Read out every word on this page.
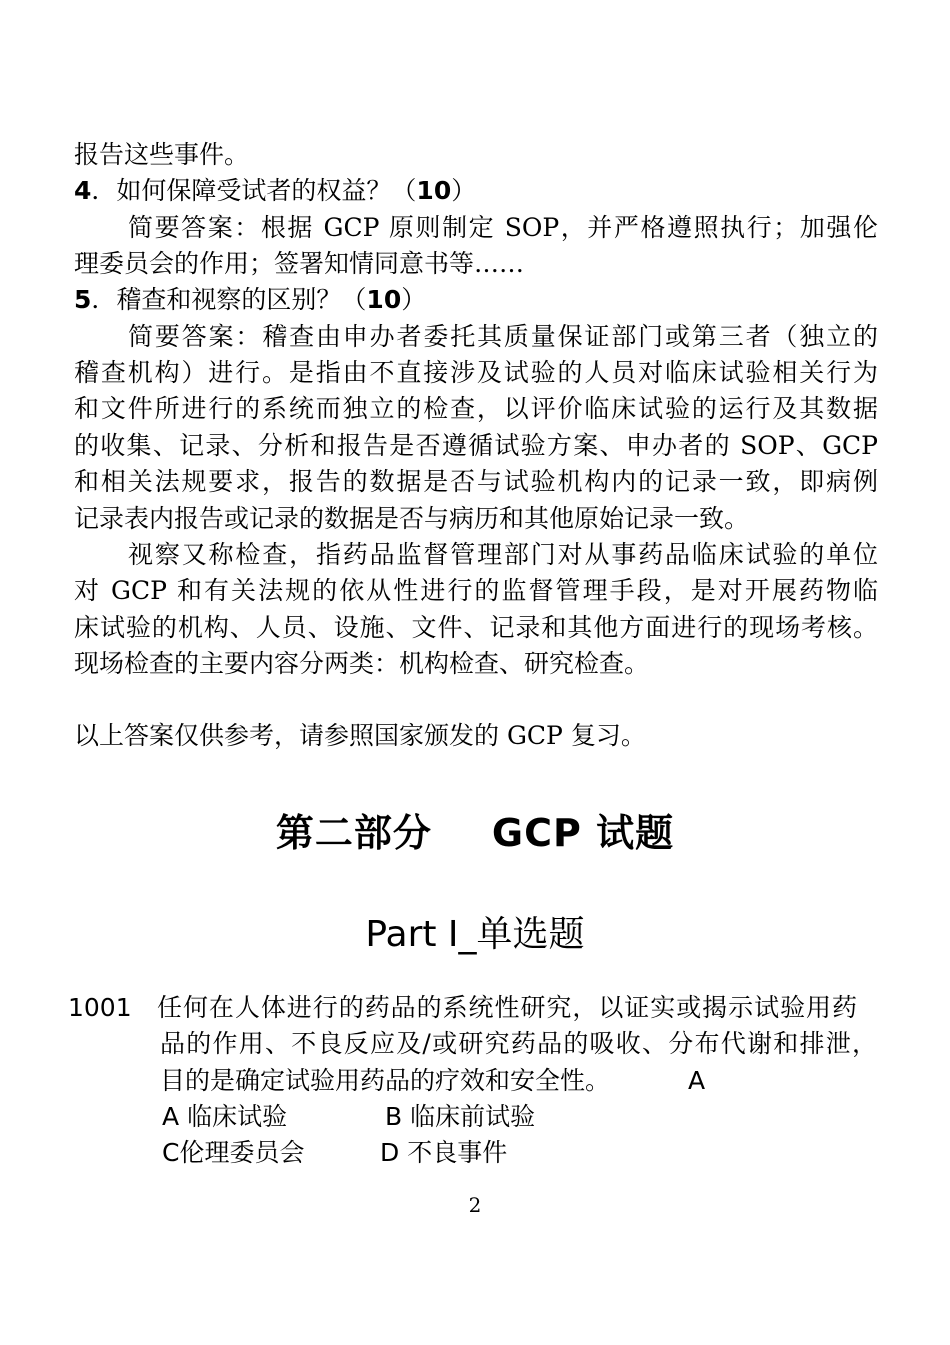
报告这些事件。
4．如何保障受试者的权益？（10）
简要答案：根据 GCP 原则制定 SOP，并严格遵照执行；加强伦
理委员会的作用；签署知情同意书等……
5．稽查和视察的区别？（10）
简要答案：稽查由申办者委托其质量保证部门或第三者（独立的
稽查机构）进行。是指由不直接涉及试验的人员对临床试验相关行为
和文件所进行的系统而独立的检查，以评价临床试验的运行及其数据
的收集、记录、分析和报告是否遵循试验方案、申办者的 SOP、GCP
和相关法规要求，报告的数据是否与试验机构内的记录一致，即病例
记录表内报告或记录的数据是否与病历和其他原始记录一致。
视察又称检查，指药品监督管理部门对从事药品临床试验的单位
对 GCP 和有关法规的依从性进行的监督管理手段，是对开展药物临
床试验的机构、人员、设施、文件、记录和其他方面进行的现场考核。
现场检查的主要内容分两类：机构检查、研究检查。
以上答案仅供参考，请参照国家颁发的 GCP 复习。
第二部分 GCP 试题
Part I_单选题
1001 任何在人体进行的药品的系统性研究，以证实或揭示试验用药
品的作用、不良反应及/或研究药品的吸收、分布代谢和排泄，
目的是确定试验用药品的疗效和安全性。	A
A 临床试验	B 临床前试验
C伦理委员会	D 不良事件
2
